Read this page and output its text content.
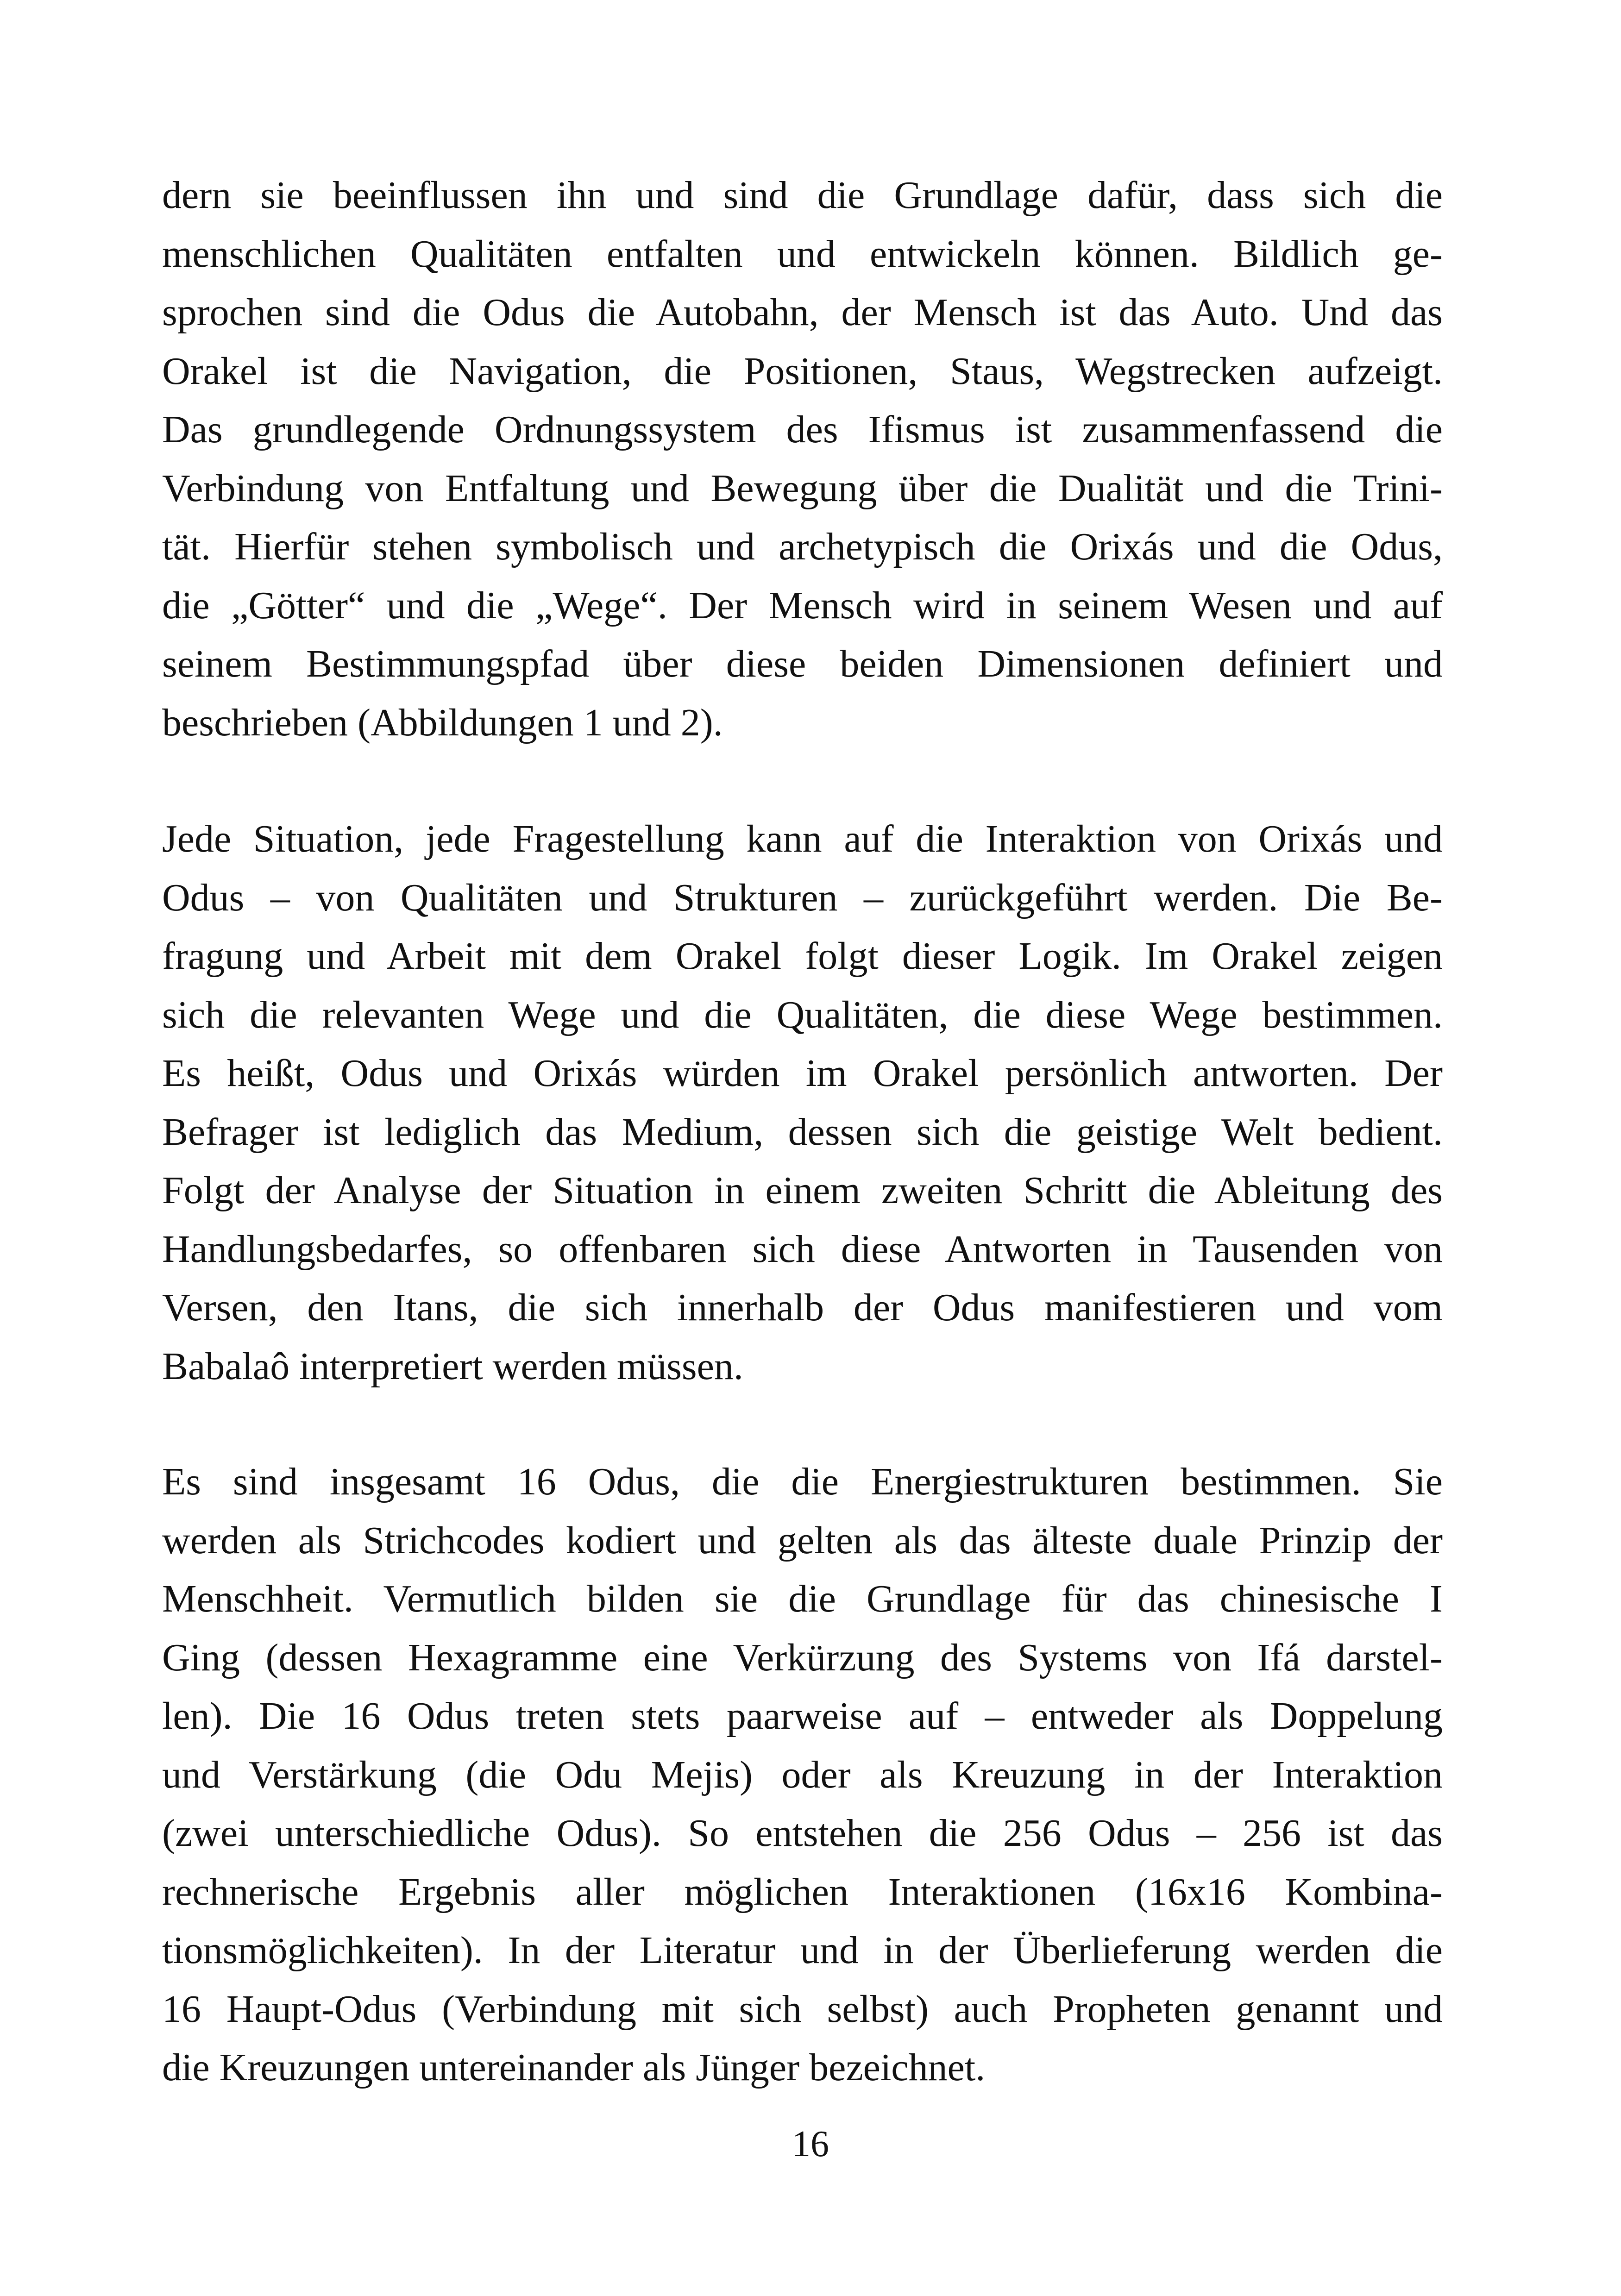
dern sie beeinflussen ihn und sind die Grundlage dafür, dass sich die
menschlichen Qualitäten entfalten und entwickeln können. Bildlich ge-
sprochen sind die Odus die Autobahn, der Mensch ist das Auto. Und das
Orakel ist die Navigation, die Positionen, Staus, Wegstrecken aufzeigt.
Das grundlegende Ordnungssystem des Ifismus ist zusammenfassend die
Verbindung von Entfaltung und Bewegung über die Dualität und die Trini-
tät. Hierfür stehen symbolisch und archetypisch die Orixás und die Odus,
die „Götter“ und die „Wege“. Der Mensch wird in seinem Wesen und auf
seinem Bestimmungspfad über diese beiden Dimensionen definiert und
beschrieben (Abbildungen 1 und 2).
Jede Situation, jede Fragestellung kann auf die Interaktion von Orixás und
Odus – von Qualitäten und Strukturen – zurückgeführt werden. Die Be-
fragung und Arbeit mit dem Orakel folgt dieser Logik. Im Orakel zeigen
sich die relevanten Wege und die Qualitäten, die diese Wege bestimmen.
Es heißt, Odus und Orixás würden im Orakel persönlich antworten. Der
Befrager ist lediglich das Medium, dessen sich die geistige Welt bedient.
Folgt der Analyse der Situation in einem zweiten Schritt die Ableitung des
Handlungsbedarfes, so offenbaren sich diese Antworten in Tausenden von
Versen, den Itans, die sich innerhalb der Odus manifestieren und vom
Babalaô interpretiert werden müssen.
Es sind insgesamt 16 Odus, die die Energiestrukturen bestimmen. Sie
werden als Strichcodes kodiert und gelten als das älteste duale Prinzip der
Menschheit. Vermutlich bilden sie die Grundlage für das chinesische I
Ging (dessen Hexagramme eine Verkürzung des Systems von Ifá darstel-
len). Die 16 Odus treten stets paarweise auf – entweder als Doppelung
und Verstärkung (die Odu Mejis) oder als Kreuzung in der Interaktion
(zwei unterschiedliche Odus). So entstehen die 256 Odus – 256 ist das
rechnerische Ergebnis aller möglichen Interaktionen (16x16 Kombina-
tionsmöglichkeiten). In der Literatur und in der Überlieferung werden die
16 Haupt-Odus (Verbindung mit sich selbst) auch Propheten genannt und
die Kreuzungen untereinander als Jünger bezeichnet.
16
